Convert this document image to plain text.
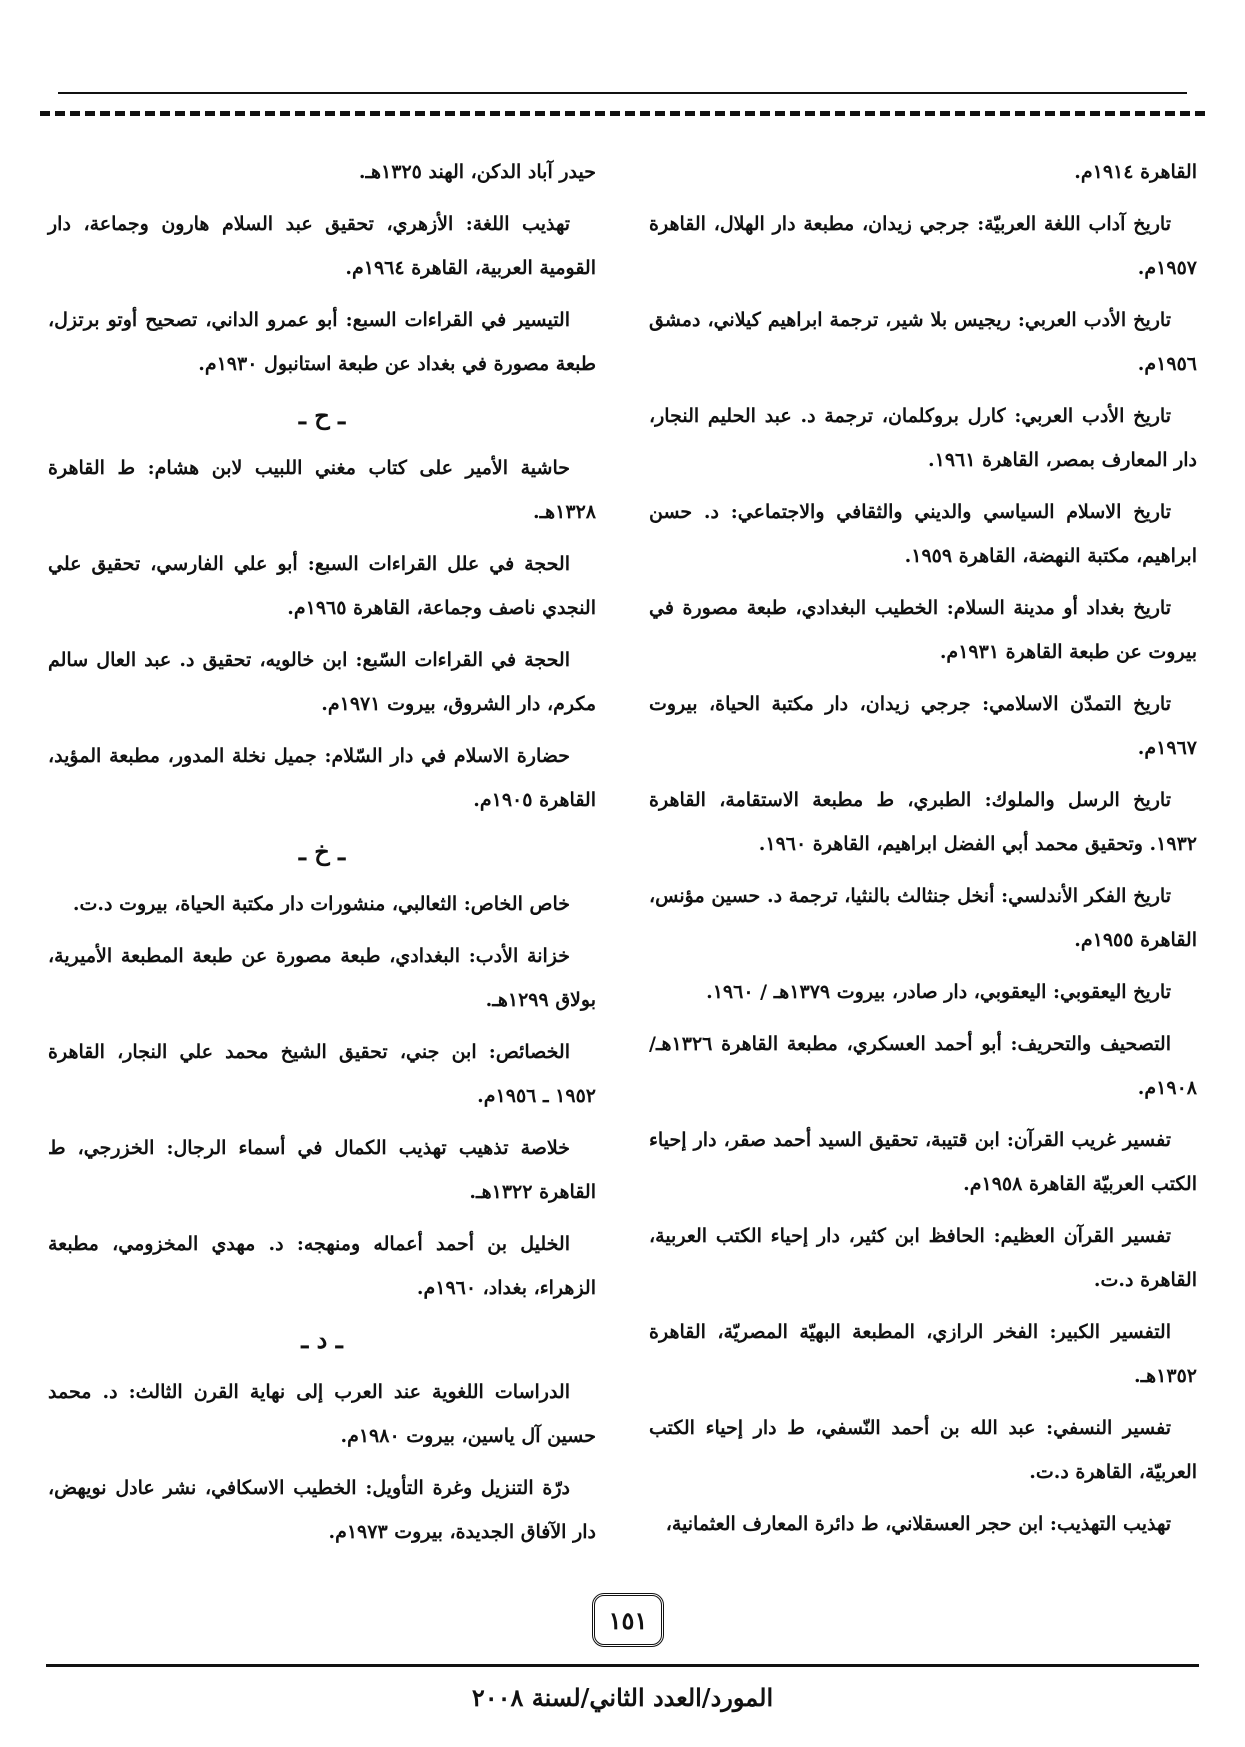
القاهرة ١٩١٤م.

تاريخ آداب اللغة العربيّة: جرجي زيدان، مطبعة دار الهلال، القاهرة ١٩٥٧م.

تاريخ الأدب العربي: ريجيس بلا شير، ترجمة ابراهيم كيلاني، دمشق ١٩٥٦م.

تاريخ الأدب العربي: كارل بروكلمان، ترجمة د. عبد الحليم النجار، دار المعارف بمصر، القاهرة ١٩٦١.

تاريخ الاسلام السياسي والديني والثقافي والاجتماعي: د. حسن ابراهيم، مكتبة النهضة، القاهرة ١٩٥٩.

تاريخ بغداد أو مدينة السلام: الخطيب البغدادي، طبعة مصورة في بيروت عن طبعة القاهرة ١٩٣١م.

تاريخ التمدّن الاسلامي: جرجي زيدان، دار مكتبة الحياة، بيروت ١٩٦٧م.

تاريخ الرسل والملوك: الطبري، ط مطبعة الاستقامة، القاهرة ١٩٣٢. وتحقيق محمد أبي الفضل ابراهيم، القاهرة ١٩٦٠.

تاريخ الفكر الأندلسي: أنخل جنثالث بالنثيا، ترجمة د. حسين مؤنس، القاهرة ١٩٥٥م.

تاريخ اليعقوبي: اليعقوبي، دار صادر، بيروت ١٣٧٩هـ / ١٩٦٠.

التصحيف والتحريف: أبو أحمد العسكري، مطبعة القاهرة ١٣٢٦هـ/١٩٠٨م.

تفسير غريب القرآن: ابن قتيبة، تحقيق السيد أحمد صقر، دار إحياء الكتب العربيّة القاهرة ١٩٥٨م.

تفسير القرآن العظيم: الحافظ ابن كثير، دار إحياء الكتب العربية، القاهرة د.ت.

التفسير الكبير: الفخر الرازي، المطبعة البهيّة المصريّة، القاهرة ١٣٥٢هـ.

تفسير النسفي: عبد الله بن أحمد النّسفي، ط دار إحياء الكتب العربيّة، القاهرة د.ت.

تهذيب التهذيب: ابن حجر العسقلاني، ط دائرة المعارف العثمانية،

حيدر آباد الدكن، الهند ١٣٢٥هـ.

تهذيب اللغة: الأزهري، تحقيق عبد السلام هارون وجماعة، دار القومية العربية، القاهرة ١٩٦٤م.

التيسير في القراءات السبع: أبو عمرو الداني، تصحيح أوتو برتزل، طبعة مصورة في بغداد عن طبعة استانبول ١٩٣٠م.

ـ ح ـ

حاشية الأمير على كتاب مغني اللبيب لابن هشام: ط القاهرة ١٣٢٨هـ.

الحجة في علل القراءات السبع: أبو علي الفارسي، تحقيق علي النجدي ناصف وجماعة، القاهرة ١٩٦٥م.

الحجة في القراءات السّبع: ابن خالويه، تحقيق د. عبد العال سالم مكرم، دار الشروق، بيروت ١٩٧١م.

حضارة الاسلام في دار السّلام: جميل نخلة المدور، مطبعة المؤيد، القاهرة ١٩٠٥م.

ـ خ ـ

خاص الخاص: الثعالبي، منشورات دار مكتبة الحياة، بيروت د.ت.

خزانة الأدب: البغدادي، طبعة مصورة عن طبعة المطبعة الأميرية، بولاق ١٢٩٩هـ.

الخصائص: ابن جني، تحقيق الشيخ محمد علي النجار، القاهرة ١٩٥٢ ـ ١٩٥٦م.

خلاصة تذهيب تهذيب الكمال في أسماء الرجال: الخزرجي، ط القاهرة ١٣٢٢هـ.

الخليل بن أحمد أعماله ومنهجه: د. مهدي المخزومي، مطبعة الزهراء، بغداد، ١٩٦٠م.

ـ د ـ

الدراسات اللغوية عند العرب إلى نهاية القرن الثالث: د. محمد حسين آل ياسين، بيروت ١٩٨٠م.

درّة التنزيل وغرة التأويل: الخطيب الاسكافي، نشر عادل نويهض، دار الآفاق الجديدة، بيروت ١٩٧٣م.

١٥١
المورد/العدد الثاني/لسنة ٢٠٠٨
